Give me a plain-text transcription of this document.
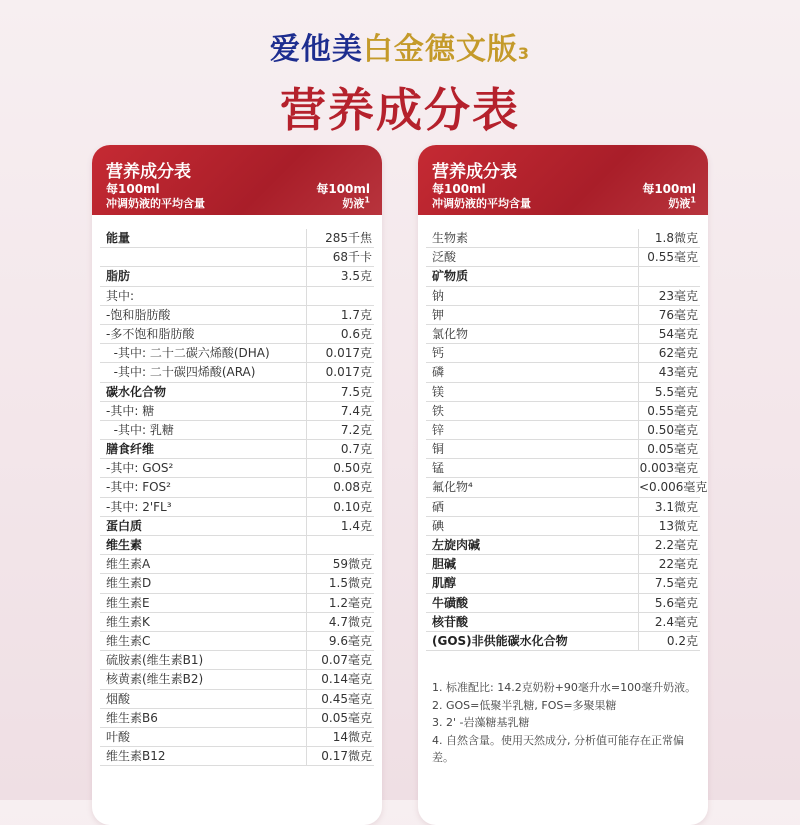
爱他美白金德文版3
营养成分表
营养成分表
每100ml
冲调奶液的平均含量
每100ml
奶液$^1$
能量	285千焦
68千卡
脂肪	3.5克
其中:
-饱和脂肪酸	1.7克
-多不饱和脂肪酸	0.6克
-其中: 二十二碳六烯酸(DHA)	0.017克
-其中: 二十碳四烯酸(ARA)	0.017克
碳水化合物	7.5克
-其中: 糖	7.4克
-其中: 乳糖	7.2克
膳食纤维	0.7克
-其中: GOS²	0.50克
-其中: FOS²	0.08克
-其中: 2'FL³	0.10克
蛋白质	1.4克
维生素
维生素A	59微克
维生素D	1.5微克
维生素E	1.2毫克
维生素K	4.7微克
维生素C	9.6毫克
硫胺素(维生素B1)	0.07毫克
核黄素(维生素B2)	0.14毫克
烟酸	0.45毫克
维生素B6	0.05毫克
叶酸	14微克
维生素B12	0.17微克
营养成分表
每100ml
冲调奶液的平均含量
每100ml
奶液$^1$
生物素	1.8微克
泛酸	0.55毫克
矿物质
钠	23毫克
钾	76毫克
氯化物	54毫克
钙	62毫克
磷	43毫克
镁	5.5毫克
铁	0.55毫克
锌	0.50毫克
铜	0.05毫克
锰	0.003毫克
氟化物⁴	<0.006毫克
硒	3.1微克
碘	13微克
左旋肉碱	2.2毫克
胆碱	22毫克
肌醇	7.5毫克
牛磺酸	5.6毫克
核苷酸	2.4毫克
(GOS)非供能碳水化合物	0.2克
1. 标准配比: 14.2克奶粉+90毫升水=100毫升奶液。
2. GOS=低聚半乳糖, FOS=多聚果糖
3. 2' -岩藻糖基乳糖
4. 自然含量。使用天然成分, 分析值可能存在正常偏
差。
